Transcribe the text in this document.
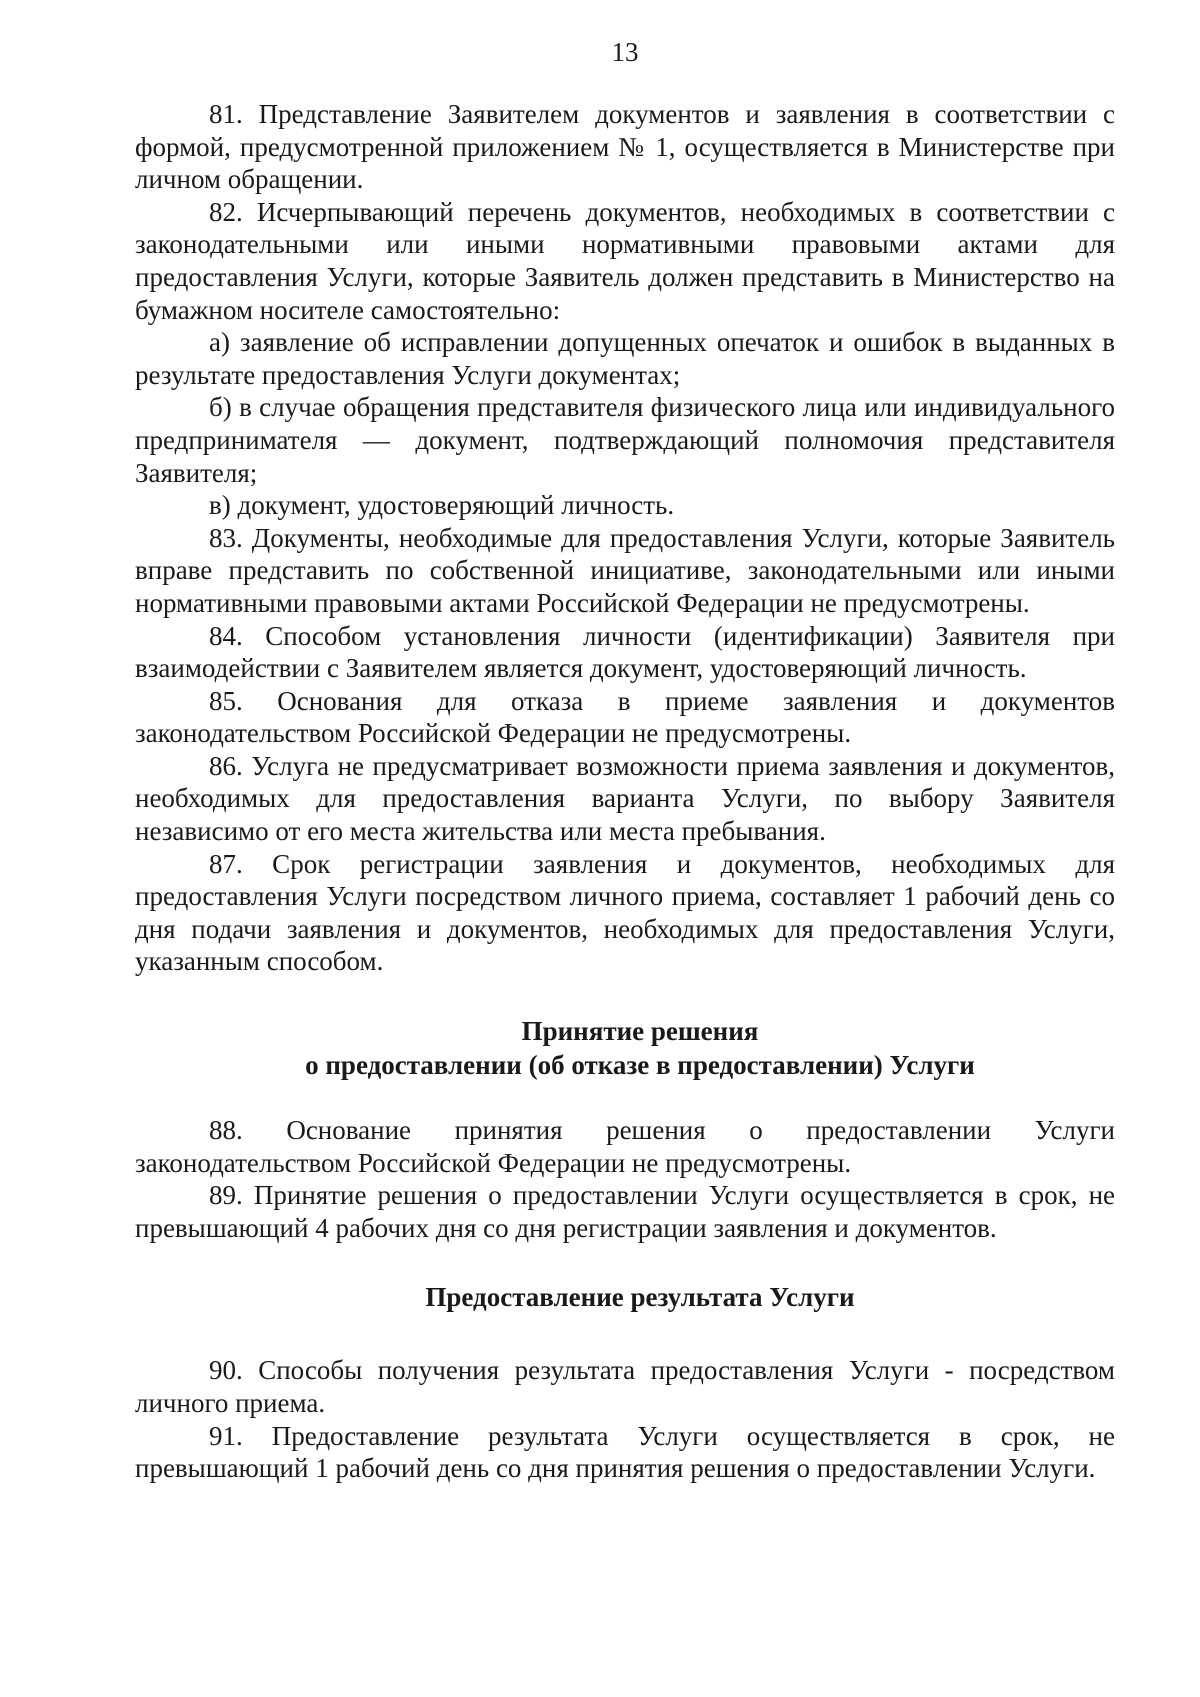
13

81. Представление Заявителем документов и заявления в соответствии с формой, предусмотренной приложением № 1, осуществляется в Министерстве при личном обращении.

82. Исчерпывающий перечень документов, необходимых в соответствии с законодательными или иными нормативными правовыми актами для предоставления Услуги, которые Заявитель должен представить в Министерство на бумажном носителе самостоятельно:

а) заявление об исправлении допущенных опечаток и ошибок в выданных в результате предоставления Услуги документах;

б) в случае обращения представителя физического лица или индивидуального предпринимателя — документ, подтверждающий полномочия представителя Заявителя;

в) документ, удостоверяющий личность.

83. Документы, необходимые для предоставления Услуги, которые Заявитель вправе представить по собственной инициативе, законодательными или иными нормативными правовыми актами Российской Федерации не предусмотрены.

84. Способом установления личности (идентификации) Заявителя при взаимодействии с Заявителем является документ, удостоверяющий личность.

85. Основания для отказа в приеме заявления и документов законодательством Российской Федерации не предусмотрены.

86. Услуга не предусматривает возможности приема заявления и документов, необходимых для предоставления варианта Услуги, по выбору Заявителя независимо от его места жительства или места пребывания.

87. Срок регистрации заявления и документов, необходимых для предоставления Услуги посредством личного приема, составляет 1 рабочий день со дня подачи заявления и документов, необходимых для предоставления Услуги, указанным способом.

Принятие решения

о предоставлении (об отказе в предоставлении) Услуги

88. Основание принятия решения о предоставлении Услуги законодательством Российской Федерации не предусмотрены.

89. Принятие решения о предоставлении Услуги осуществляется в срок, не превышающий 4 рабочих дня со дня регистрации заявления и документов.

Предоставление результата Услуги

90. Способы получения результата предоставления Услуги - посредством личного приема.

91. Предоставление результата Услуги осуществляется в срок, не превышающий 1 рабочий день со дня принятия решения о предоставлении Услуги.
